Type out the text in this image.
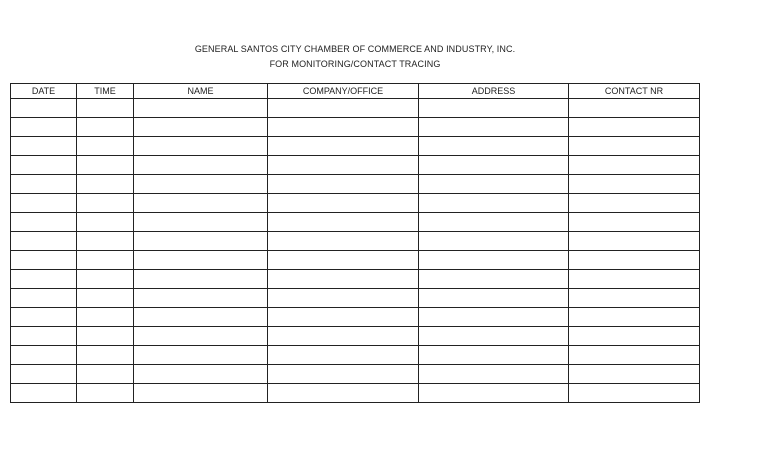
GENERAL SANTOS CITY CHAMBER OF COMMERCE AND INDUSTRY, INC.
FOR MONITORING/CONTACT TRACING
DATE	TIME	NAME	COMPANY/OFFICE	ADDRESS	CONTACT NR
